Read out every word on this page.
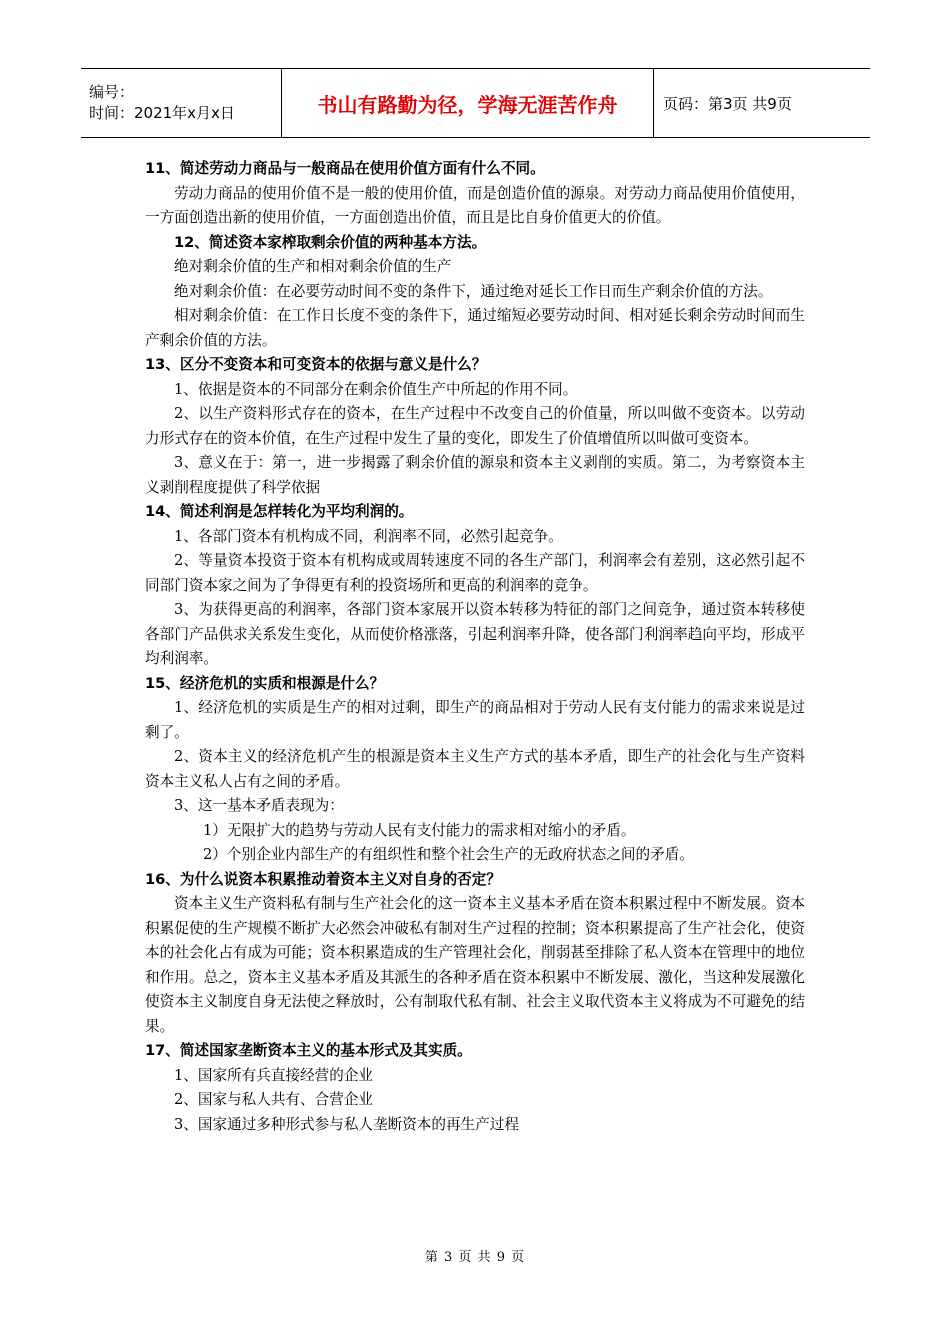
编号：
时间：2021年x月x日	书山有路勤为径，学海无涯苦作舟	页码：第3页 共9页
11、简述劳动力商品与一般商品在使用价值方面有什么不同。
劳动力商品的使用价值不是一般的使用价值，而是创造价值的源泉。对劳动力商品使用价值使用，一方面创造出新的使用价值，一方面创造出价值，而且是比自身价值更大的价值。
12、简述资本家榨取剩余价值的两种基本方法。
绝对剩余价值的生产和相对剩余价值的生产
绝对剩余价值：在必要劳动时间不变的条件下，通过绝对延长工作日而生产剩余价值的方法。
相对剩余价值：在工作日长度不变的条件下，通过缩短必要劳动时间、相对延长剩余劳动时间而生产剩余价值的方法。
13、区分不变资本和可变资本的依据与意义是什么？
1、依据是资本的不同部分在剩余价值生产中所起的作用不同。
2、以生产资料形式存在的资本，在生产过程中不改变自己的价值量，所以叫做不变资本。以劳动力形式存在的资本价值，在生产过程中发生了量的变化，即发生了价值增值所以叫做可变资本。
3、意义在于：第一，进一步揭露了剩余价值的源泉和资本主义剥削的实质。第二，为考察资本主义剥削程度提供了科学依据
14、简述利润是怎样转化为平均利润的。
1、各部门资本有机构成不同，利润率不同，必然引起竞争。
2、等量资本投资于资本有机构成或周转速度不同的各生产部门，利润率会有差别，这必然引起不同部门资本家之间为了争得更有利的投资场所和更高的利润率的竞争。
3、为获得更高的利润率，各部门资本家展开以资本转移为特征的部门之间竞争，通过资本转移使各部门产品供求关系发生变化，从而使价格涨落，引起利润率升降，使各部门利润率趋向平均，形成平均利润率。
15、经济危机的实质和根源是什么？
1、经济危机的实质是生产的相对过剩，即生产的商品相对于劳动人民有支付能力的需求来说是过剩了。
2、资本主义的经济危机产生的根源是资本主义生产方式的基本矛盾，即生产的社会化与生产资料资本主义私人占有之间的矛盾。
3、这一基本矛盾表现为：
1）无限扩大的趋势与劳动人民有支付能力的需求相对缩小的矛盾。
2）个别企业内部生产的有组织性和整个社会生产的无政府状态之间的矛盾。
16、为什么说资本积累推动着资本主义对自身的否定？
资本主义生产资料私有制与生产社会化的这一资本主义基本矛盾在资本积累过程中不断发展。资本积累促使的生产规模不断扩大必然会冲破私有制对生产过程的控制；资本积累提高了生产社会化，使资本的社会化占有成为可能；资本积累造成的生产管理社会化，削弱甚至排除了私人资本在管理中的地位和作用。总之，资本主义基本矛盾及其派生的各种矛盾在资本积累中不断发展、激化，当这种发展激化使资本主义制度自身无法使之释放时，公有制取代私有制、社会主义取代资本主义将成为不可避免的结果。
17、简述国家垄断资本主义的基本形式及其实质。
1、国家所有兵直接经营的企业
2、国家与私人共有、合营企业
3、国家通过多种形式参与私人垄断资本的再生产过程
第 3 页 共 9 页
